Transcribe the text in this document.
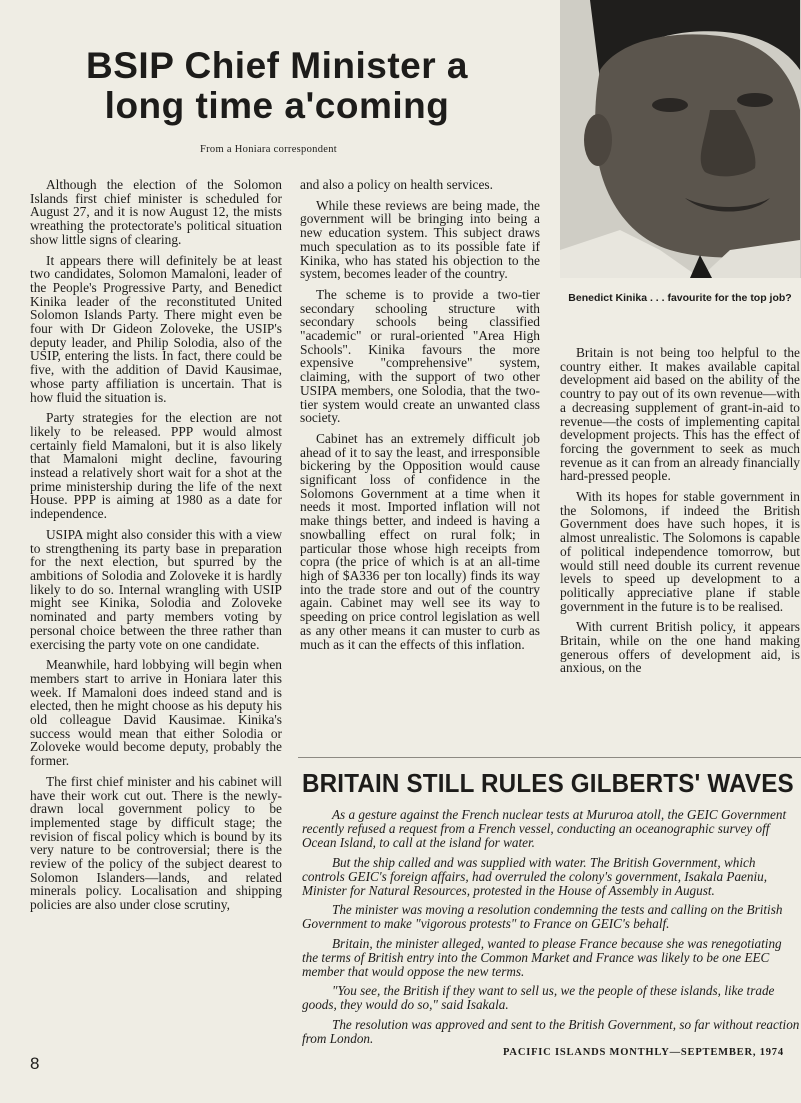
BSIP Chief Minister a long time a'coming
From a Honiara correspondent

Although the election of the Solomon Islands first chief minister is scheduled for August 27, and it is now August 12, the mists wreathing the protectorate's political situation show little signs of clearing.

It appears there will definitely be at least two candidates, Solomon Mamaloni, leader of the People's Progressive Party, and Benedict Kinika leader of the reconstituted United Solomon Islands Party. There might even be four with Dr Gideon Zoloveke, the USIP's deputy leader, and Philip Solodia, also of the USIP, entering the lists. In fact, there could be five, with the addition of David Kausimae, whose party affiliation is uncertain. That is how fluid the situation is.

Party strategies for the election are not likely to be released. PPP would almost certainly field Mamaloni, but it is also likely that Mamaloni might decline, favouring instead a relatively short wait for a shot at the prime ministership during the life of the next House. PPP is aiming at 1980 as a date for independence.

USIPA might also consider this with a view to strengthening its party base in preparation for the next election, but spurred by the ambitions of Solodia and Zoloveke it is hardly likely to do so. Internal wrangling with USIP might see Kinika, Solodia and Zoloveke nominated and party members voting by personal choice between the three rather than exercising the party vote on one candidate.

Meanwhile, hard lobbying will begin when members start to arrive in Honiara later this week. If Mamaloni does indeed stand and is elected, then he might choose as his deputy his old colleague David Kausimae. Kinika's success would mean that either Solodia or Zoloveke would become deputy, probably the former.

The first chief minister and his cabinet will have their work cut out. There is the newly-drawn local government policy to be implemented stage by difficult stage; the revision of fiscal policy which is bound by its very nature to be controversial; there is the review of the policy of the subject dearest to Solomon Islanders—lands, and related minerals policy. Localisation and shipping policies are also under close scrutiny,

and also a policy on health services.

While these reviews are being made, the government will be bringing into being a new education system. This subject draws much speculation as to its possible fate if Kinika, who has stated his objection to the system, becomes leader of the country.

The scheme is to provide a two-tier secondary schooling structure with secondary schools being classified "academic" or rural-oriented "Area High Schools". Kinika favours the more expensive "comprehensive" system, claiming, with the support of two other USIPA members, one Solodia, that the two-tier system would create an unwanted class society.

Cabinet has an extremely difficult job ahead of it to say the least, and irresponsible bickering by the Opposition would cause significant loss of confidence in the Solomons Government at a time when it needs it most. Imported inflation will not make things better, and indeed is having a snowballing effect on rural folk; in particular those whose high receipts from copra (the price of which is at an all-time high of $A336 per ton locally) finds its way into the trade store and out of the country again. Cabinet may well see its way to speeding on price control legislation as well as any other means it can muster to curb as much as it can the effects of this inflation.

Benedict Kinika . . . favourite for the top job?

Britain is not being too helpful to the country either. It makes available capital development aid based on the ability of the country to pay out of its own revenue—with a decreasing supplement of grant-in-aid to revenue—the costs of implementing capital development projects. This has the effect of forcing the government to seek as much revenue as it can from an already financially hard-pressed people.

With its hopes for stable government in the Solomons, if indeed the British Government does have such hopes, it is almost unrealistic. The Solomons is capable of political independence tomorrow, but would still need double its current revenue levels to speed up development to a politically appreciative plane if stable government in the future is to be realised.

With current British policy, it appears Britain, while on the one hand making generous offers of development aid, is anxious, on the

BRITAIN STILL RULES GILBERTS' WAVES

As a gesture against the French nuclear tests at Mururoa atoll, the GEIC Government recently refused a request from a French vessel, conducting an oceanographic survey off Ocean Island, to call at the island for water.

But the ship called and was supplied with water. The British Government, which controls GEIC's foreign affairs, had overruled the colony's government, Isakala Paeniu, Minister for Natural Resources, protested in the House of Assembly in August.

The minister was moving a resolution condemning the tests and calling on the British Government to make "vigorous protests" to France on GEIC's behalf.

Britain, the minister alleged, wanted to please France because she was renegotiating the terms of British entry into the Common Market and France was likely to be one EEC member that would oppose the new terms.

"You see, the British if they want to sell us, we the people of these islands, like trade goods, they would do so," said Isakala.

The resolution was approved and sent to the British Government, so far without reaction from London.

8
PACIFIC ISLANDS MONTHLY—SEPTEMBER, 1974
